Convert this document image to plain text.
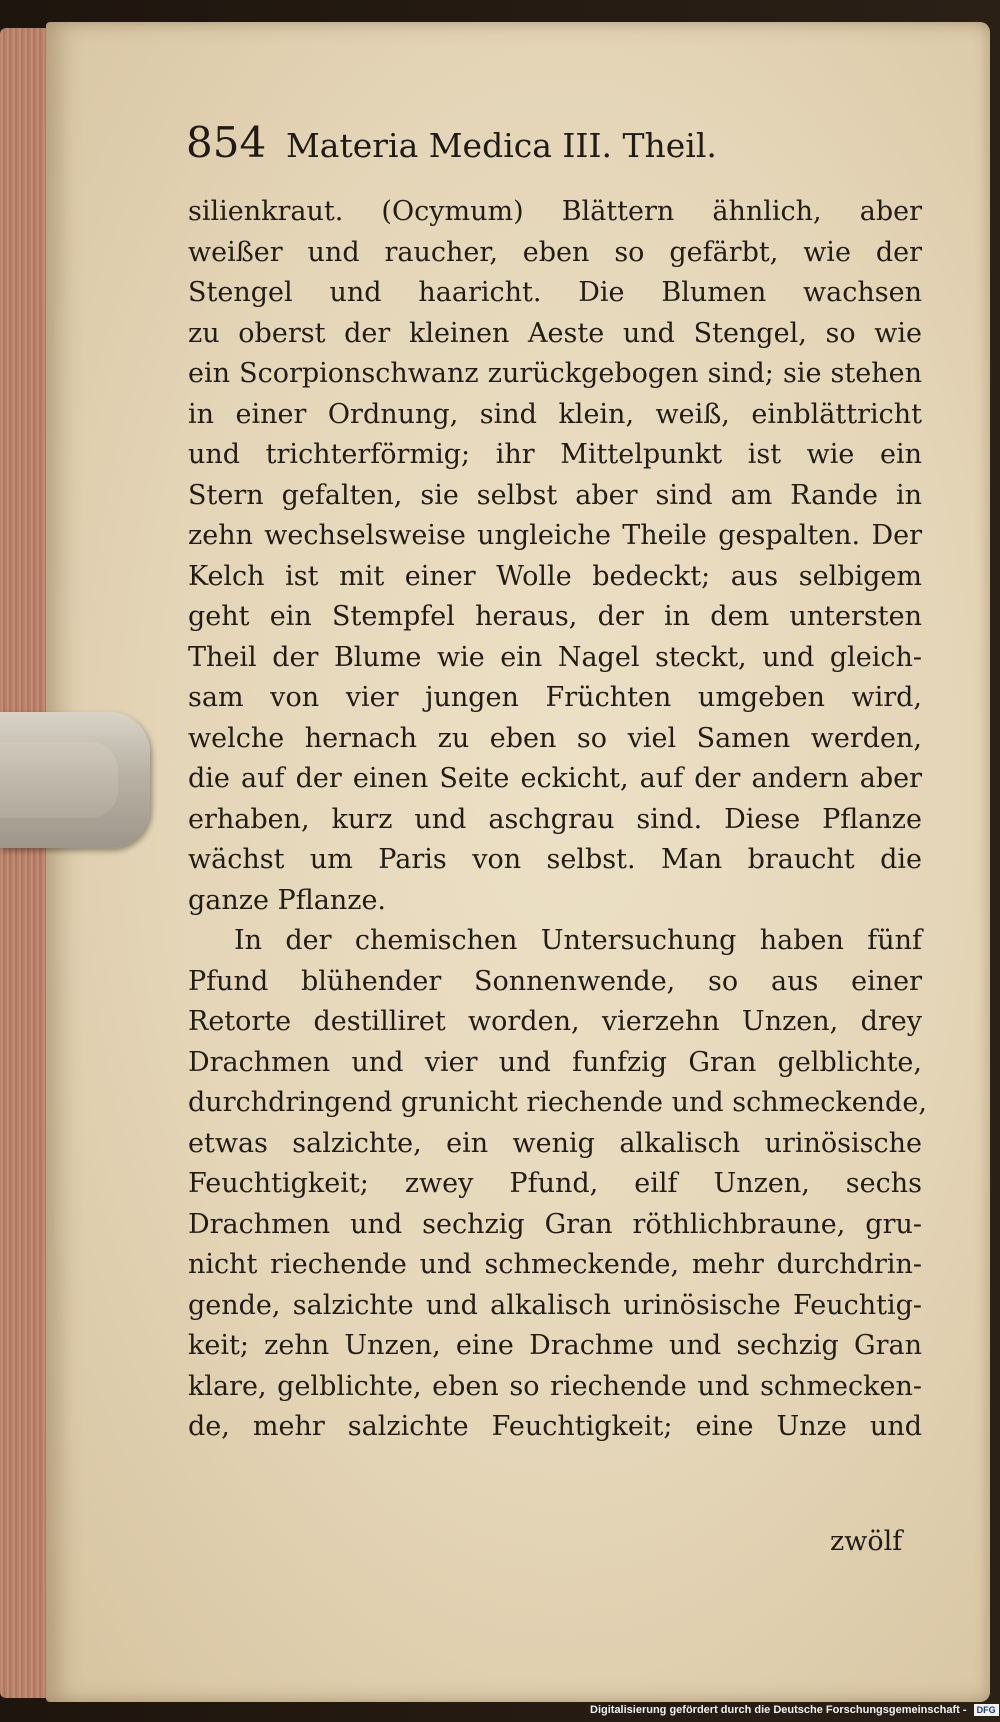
854 Materia Medica III. Theil.
silienkraut. (Ocymum) Blättern ähnlich, aber
weißer und raucher, eben so gefärbt, wie der
Stengel und haaricht. Die Blumen wachsen
zu oberst der kleinen Aeste und Stengel, so wie
ein Scorpionschwanz zurückgebogen sind; sie stehen
in einer Ordnung, sind klein, weiß, einblättricht
und trichterförmig; ihr Mittelpunkt ist wie ein
Stern gefalten, sie selbst aber sind am Rande in
zehn wechselsweise ungleiche Theile gespalten. Der
Kelch ist mit einer Wolle bedeckt; aus selbigem
geht ein Stempfel heraus, der in dem untersten
Theil der Blume wie ein Nagel steckt, und gleich-
sam von vier jungen Früchten umgeben wird,
welche hernach zu eben so viel Samen werden,
die auf der einen Seite eckicht, auf der andern aber
erhaben, kurz und aschgrau sind. Diese Pflanze
wächst um Paris von selbst. Man braucht die
ganze Pflanze.
In der chemischen Untersuchung haben fünf
Pfund blühender Sonnenwende, so aus einer
Retorte destilliret worden, vierzehn Unzen, drey
Drachmen und vier und funfzig Gran gelblichte,
durchdringend grunicht riechende und schmeckende,
etwas salzichte, ein wenig alkalisch urinösische
Feuchtigkeit; zwey Pfund, eilf Unzen, sechs
Drachmen und sechzig Gran röthlichbraune, gru-
nicht riechende und schmeckende, mehr durchdrin-
gende, salzichte und alkalisch urinösische Feuchtig-
keit; zehn Unzen, eine Drachme und sechzig Gran
klare, gelblichte, eben so riechende und schmecken-
de, mehr salzichte Feuchtigkeit; eine Unze und
zwölf
Digitalisierung gefördert durch die Deutsche Forschungsgemeinschaft - DFG
